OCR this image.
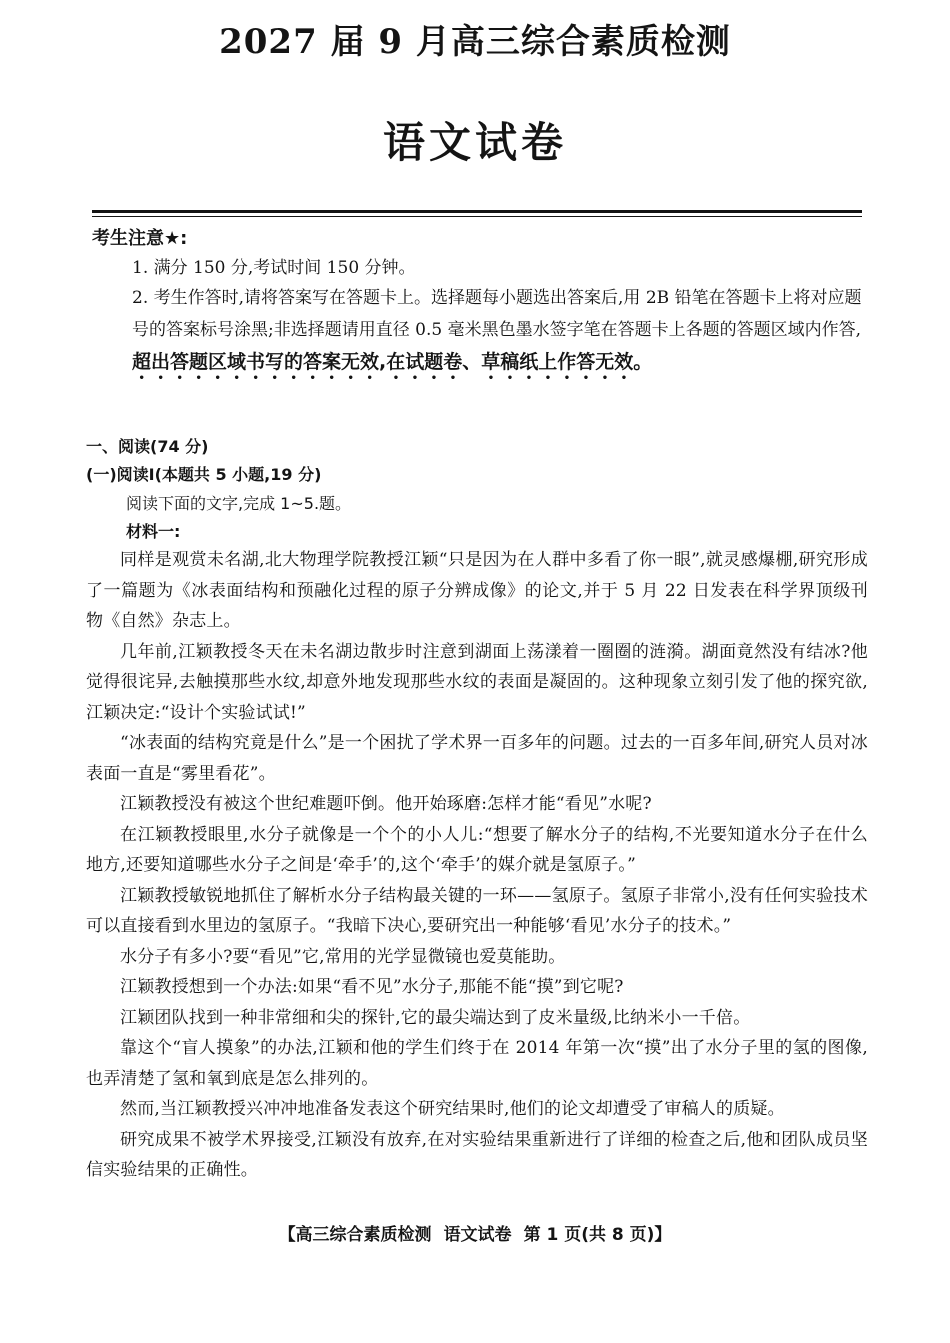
2027 届 9 月高三综合素质检测
语文试卷
考生注意★:
1. 满分 150 分,考试时间 150 分钟。
2. 考生作答时,请将答案写在答题卡上。选择题每小题选出答案后,用 2B 铅笔在答题卡上将对应题号的答案标号涂黑;非选择题请用直径 0.5 毫米黑色墨水签字笔在答题卡上各题的答题区域内作答,超出答题区域书写的答案无效,在试题卷、草稿纸上作答无效。
一、阅读(74 分)
(一)阅读Ⅰ(本题共 5 小题,19 分)
阅读下面的文字,完成 1~5.题。
材料一:

同样是观赏未名湖,北大物理学院教授江颖“只是因为在人群中多看了你一眼”,就灵感爆棚,研究形成了一篇题为《冰表面结构和预融化过程的原子分辨成像》的论文,并于 5 月 22 日发表在科学界顶级刊物《自然》杂志上。

几年前,江颖教授冬天在未名湖边散步时注意到湖面上荡漾着一圈圈的涟漪。湖面竟然没有结冰?他觉得很诧异,去触摸那些水纹,却意外地发现那些水纹的表面是凝固的。这种现象立刻引发了他的探究欲,江颖决定:“设计个实验试试!”

“冰表面的结构究竟是什么”是一个困扰了学术界一百多年的问题。过去的一百多年间,研究人员对冰表面一直是“雾里看花”。

江颖教授没有被这个世纪难题吓倒。他开始琢磨:怎样才能“看见”水呢?

在江颖教授眼里,水分子就像是一个个的小人儿:“想要了解水分子的结构,不光要知道水分子在什么地方,还要知道哪些水分子之间是‘牵手’的,这个‘牵手’的媒介就是氢原子。”

江颖教授敏锐地抓住了解析水分子结构最关键的一环——氢原子。氢原子非常小,没有任何实验技术可以直接看到水里边的氢原子。“我暗下决心,要研究出一种能够‘看见’水分子的技术。”

水分子有多小?要“看见”它,常用的光学显微镜也爱莫能助。

江颖教授想到一个办法:如果“看不见”水分子,那能不能“摸”到它呢?

江颖团队找到一种非常细和尖的探针,它的最尖端达到了皮米量级,比纳米小一千倍。

靠这个“盲人摸象”的办法,江颖和他的学生们终于在 2014 年第一次“摸”出了水分子里的氢的图像,也弄清楚了氢和氧到底是怎么排列的。

然而,当江颖教授兴冲冲地准备发表这个研究结果时,他们的论文却遭受了审稿人的质疑。

研究成果不被学术界接受,江颖没有放弃,在对实验结果重新进行了详细的检查之后,他和团队成员坚信实验结果的正确性。

【高三综合素质检测 语文试卷 第 1 页(共 8 页)】
